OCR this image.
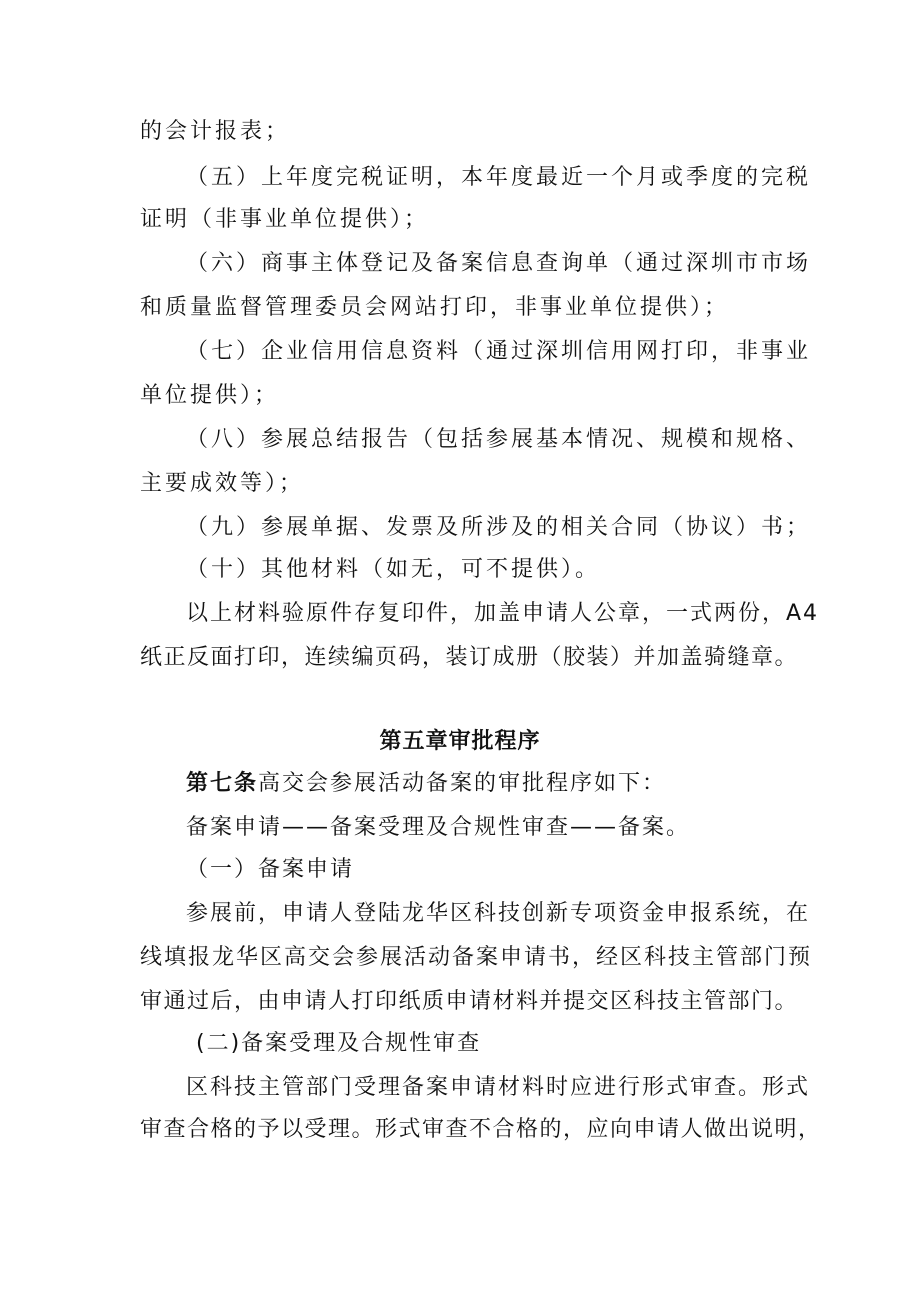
的会计报表；
（五）上年度完税证明，本年度最近一个月或季度的完税
证明（非事业单位提供）；
（六）商事主体登记及备案信息查询单（通过深圳市市场
和质量监督管理委员会网站打印，非事业单位提供）；
（七）企业信用信息资料（通过深圳信用网打印，非事业
单位提供）；
（八）参展总结报告（包括参展基本情况、规模和规格、
主要成效等）；
（九）参展单据、发票及所涉及的相关合同（协议）书；
（十）其他材料（如无，可不提供）。
以上材料验原件存复印件，加盖申请人公章，一式两份，A4
纸正反面打印，连续编页码，装订成册（胶装）并加盖骑缝章。
第五章审批程序
第七条高交会参展活动备案的审批程序如下：
备案申请——备案受理及合规性审查——备案。
（一）备案申请
参展前，申请人登陆龙华区科技创新专项资金申报系统，在
线填报龙华区高交会参展活动备案申请书，经区科技主管部门预
审通过后，由申请人打印纸质申请材料并提交区科技主管部门。
(二)备案受理及合规性审查
区科技主管部门受理备案申请材料时应进行形式审查。形式
审查合格的予以受理。形式审查不合格的，应向申请人做出说明，
